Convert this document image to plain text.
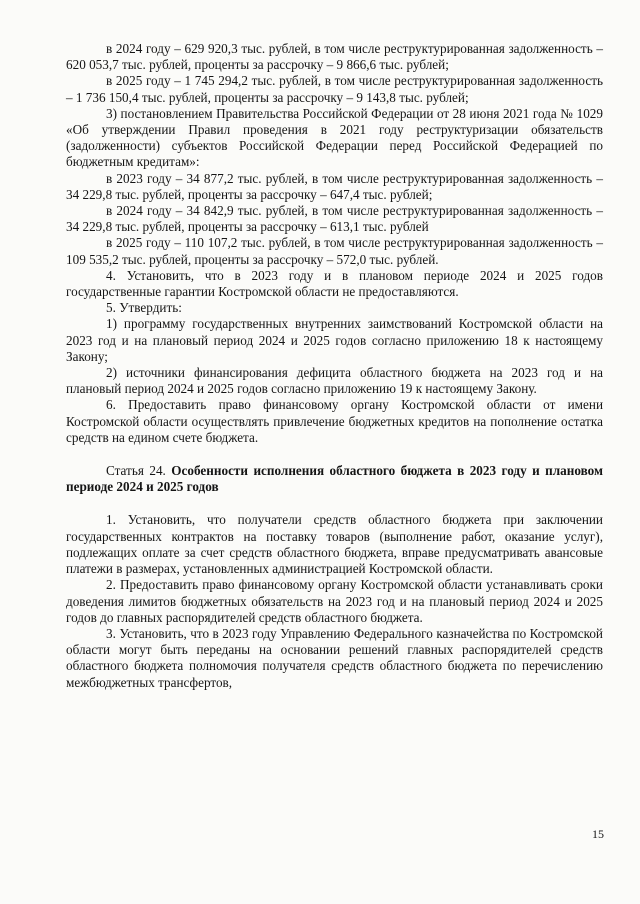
в 2024 году – 629 920,3 тыс. рублей, в том числе реструктурированная задолженность – 620 053,7 тыс. рублей, проценты за рассрочку – 9 866,6 тыс. рублей;

в 2025 году – 1 745 294,2 тыс. рублей, в том числе реструктурированная задолженность – 1 736 150,4 тыс. рублей, проценты за рассрочку – 9 143,8 тыс. рублей;

3) постановлением Правительства Российской Федерации от 28 июня 2021 года № 1029 «Об утверждении Правил проведения в 2021 году реструктуризации обязательств (задолженности) субъектов Российской Федерации перед Российской Федерацией по бюджетным кредитам»:

в 2023 году – 34 877,2 тыс. рублей, в том числе реструктурированная задолженность – 34 229,8 тыс. рублей, проценты за рассрочку – 647,4 тыс. рублей;

в 2024 году – 34 842,9 тыс. рублей, в том числе реструктурированная задолженность – 34 229,8 тыс. рублей, проценты за рассрочку – 613,1 тыс. рублей

в 2025 году – 110 107,2 тыс. рублей, в том числе реструктурированная задолженность – 109 535,2 тыс. рублей, проценты за рассрочку – 572,0 тыс. рублей.

4. Установить, что в 2023 году и в плановом периоде 2024 и 2025 годов государственные гарантии Костромской области не предоставляются.

5. Утвердить:

1) программу государственных внутренних заимствований Костромской области на 2023 год и на плановый период 2024 и 2025 годов согласно приложению 18 к настоящему Закону;

2) источники финансирования дефицита областного бюджета на 2023 год и на плановый период 2024 и 2025 годов согласно приложению 19 к настоящему Закону.

6. Предоставить право финансовому органу Костромской области от имени Костромской области осуществлять привлечение бюджетных кредитов на пополнение остатка средств на едином счете бюджета.

Статья 24. Особенности исполнения областного бюджета в 2023 году и плановом периоде 2024 и 2025 годов

1. Установить, что получатели средств областного бюджета при заключении государственных контрактов на поставку товаров (выполнение работ, оказание услуг), подлежащих оплате за счет средств областного бюджета, вправе предусматривать авансовые платежи в размерах, установленных администрацией Костромской области.

2. Предоставить право финансовому органу Костромской области устанавливать сроки доведения лимитов бюджетных обязательств на 2023 год и на плановый период 2024 и 2025 годов до главных распорядителей средств областного бюджета.

3. Установить, что в 2023 году Управлению Федерального казначейства по Костромской области могут быть переданы на основании решений главных распорядителей средств областного бюджета полномочия получателя средств областного бюджета по перечислению межбюджетных трансфертов,

15
